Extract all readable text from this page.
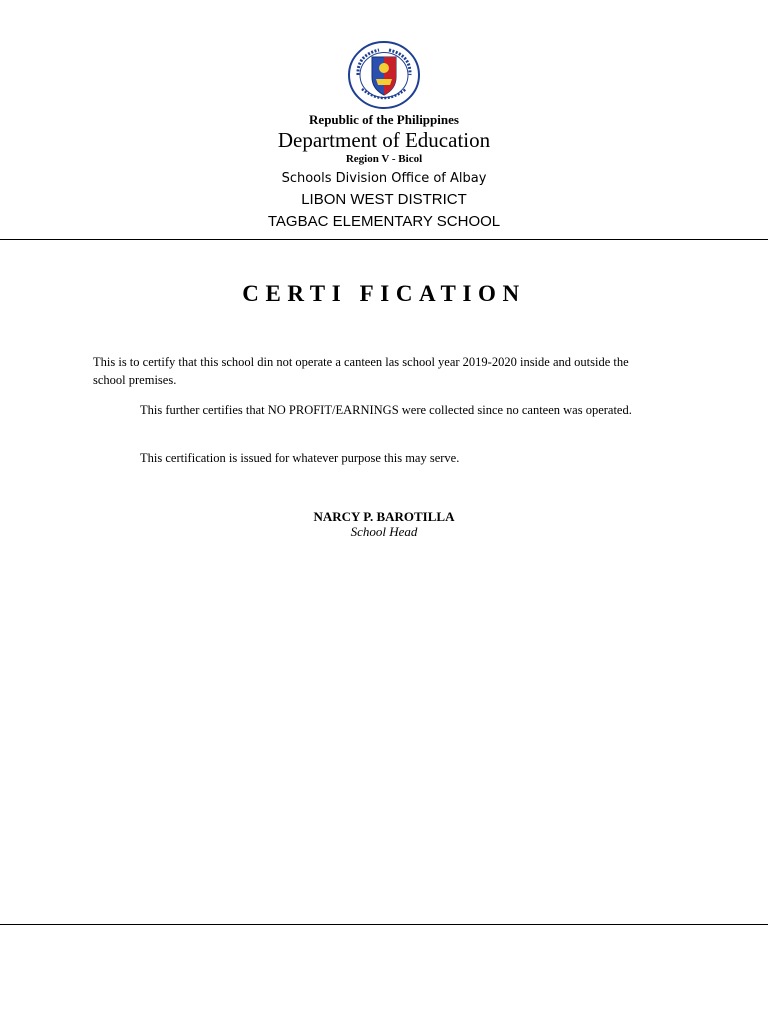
Republic of the Philippines
Department of Education
Region V - Bicol
Schools Division Office of Albay
LIBON WEST DISTRICT
TAGBAC ELEMENTARY SCHOOL
CERTI FICATION
This is to certify that this school din not operate a canteen las school year 2019-2020 inside and outside the school premises.
This further certifies that NO PROFIT/EARNINGS were collected since no canteen was operated.
This certification is issued for whatever purpose this may serve.
NARCY P. BAROTILLA
School Head
